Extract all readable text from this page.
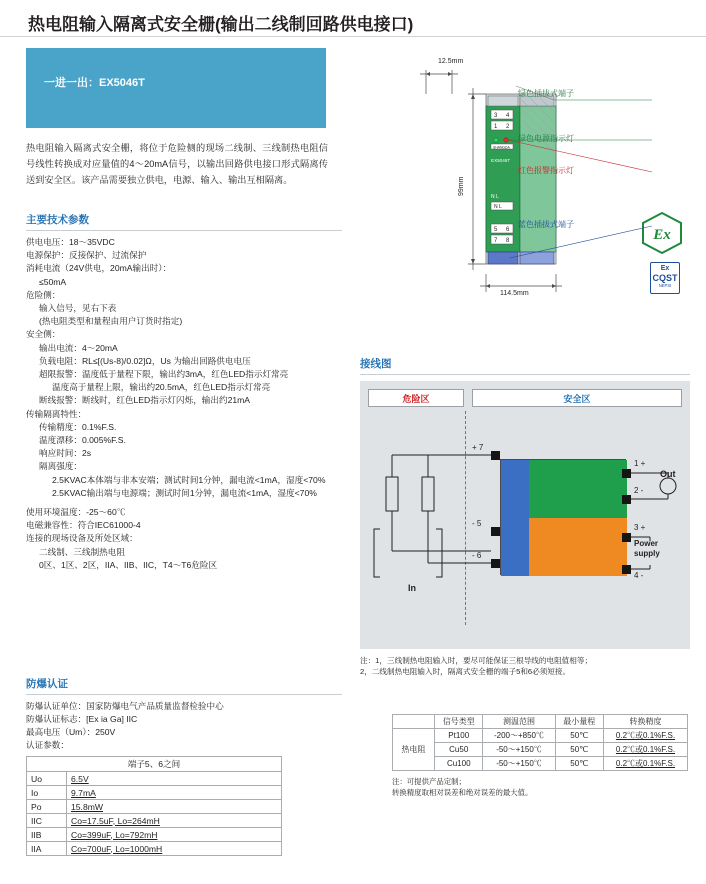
热电阻输入隔离式安全栅(输出二线制回路供电接口)
一进一出：EX5046T
热电阻输入隔离式安全栅，将位于危险侧的现场二线制、三线制热电阻信号线性转换成对应量值的4～20mA信号，以输出回路供电接口形式隔离传送到安全区。该产品需要独立供电，电源、输入、输出互相隔离。
主要技术参数
供电电压：18～35VDC
电源保护：反接保护、过流保护
消耗电流（24V供电，20mA输出时）：
≤50mA
危险侧：
输入信号，见右下表
(热电阻类型和量程由用户订货时指定)
安全侧：
输出电流：4～20mA
负载电阻：RL≤[(Us-8)/0.02]Ω，Us 为输出回路供电电压
超限报警：温度低于量程下限，输出约3mA，红色LED指示灯常亮
温度高于量程上限，输出约20.5mA，红色LED指示灯常亮
断线报警：断线时，红色LED指示灯闪烁，输出约21mA
传输隔离特性：
传输精度：0.1%F.S.
温度漂移：0.005%F.S.
响应时间：2s
隔离强度：
2.5KVAC本体端与非本安端；测试时间1分钟，漏电流<1mA，湿度<70%
2.5KVAC输出端与电源端；测试时间1分钟，漏电流<1mA，湿度<70%
使用环境温度：-25～60℃
电磁兼容性：符合IEC61000-4
连接的现场设备及所处区域：
二线制、三线制热电阻
0区、1区、2区，IIA、IIB、IIC，T4～T6危险区
Ex
Ex
CQST
NEPSI
3 4
1 2
SHANGDA
EX5046T
N L
N L
5 6
7 8
12.5mm
99mm
114.5mm
绿色插拔式端子
绿色电源指示灯
红色报警指示灯
蓝色插拔式端子
接线图
危险区	安全区
+ 7
- 5
- 6
1 +
2 -
3 +
4 -
Out
In
Power
supply
注：1，三线制热电阻输入时，要尽可能保证三根导线的电阻值相等；
2，二线制热电阻输入时，隔离式安全栅的端子5和6必须短接。
防爆认证
防爆认证单位：国家防爆电气产品质量监督检验中心
防爆认证标志：[Ex ia Ga] IIC
最高电压（Um）：250V
认证参数：
端子5、6之间	
Uo	6.5V
Io	9.7mA
Po	15.8mW
IIC	Co=17.5uF, Lo=264mH
IIB	Co=399uF, Lo=792mH
IIA	Co=700uF, Lo=1000mH
	信号类型	测温范围	最小量程	转换精度
热电阻	Pt100	-200～+850℃	50℃	0.2℃或0.1%F.S.
	Cu50	-50～+150℃	50℃	0.2℃或0.1%F.S.
	Cu100	-50～+150℃	50℃	0.2℃或0.1%F.S.
注：可提供产品定制；
转换精度取相对误差和绝对误差的最大值。
